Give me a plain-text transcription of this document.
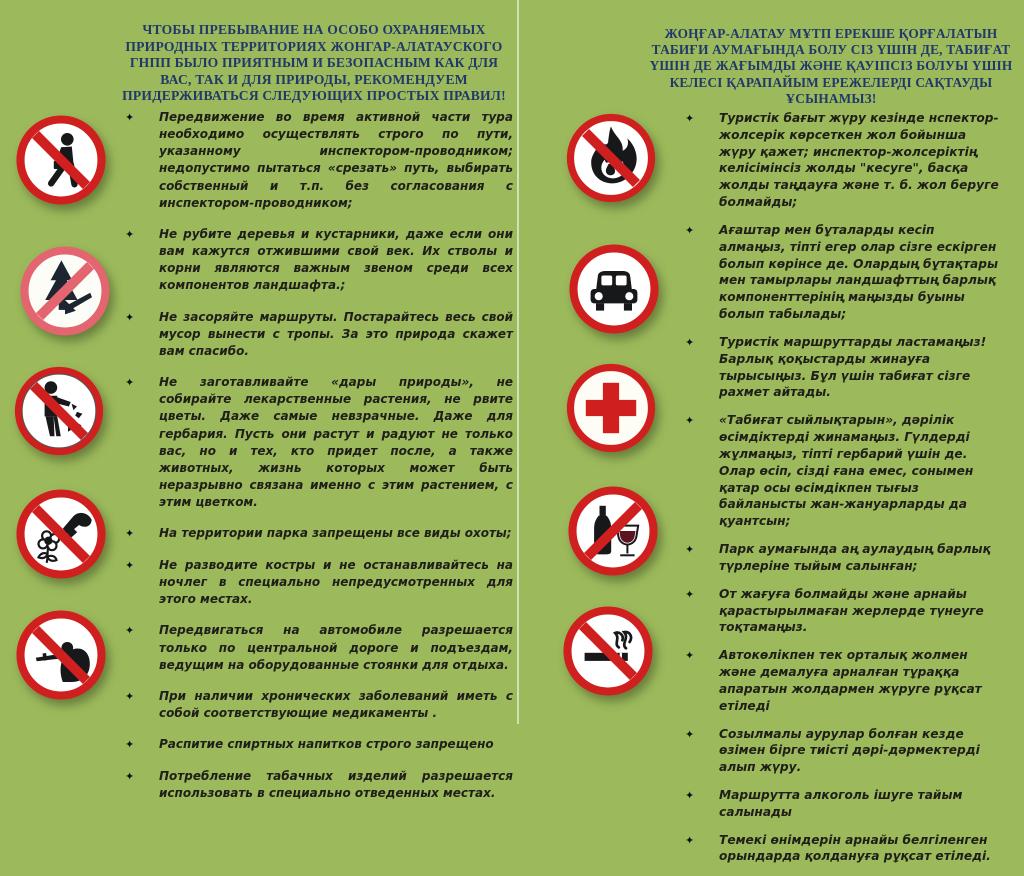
ЧТОБЫ ПРЕБЫВАНИЕ НА ОСОБО ОХРАНЯЕМЫХ ПРИРОДНЫХ ТЕРРИТОРИЯХ ЖОНГАР-АЛАТАУСКОГО ГНПП БЫЛО ПРИЯТНЫМ И БЕЗОПАСНЫМ КАК ДЛЯ ВАС, ТАК И ДЛЯ ПРИРОДЫ, РЕКОМЕНДУЕМ ПРИДЕРЖИВАТЬСЯ СЛЕДУЮЩИХ ПРОСТЫХ ПРАВИЛ!
✦	Передвижение во время активной части тура необходимо осуществлять строго по пути, указанному инспектором-проводником; недопустимо пытаться «срезать» путь, выбирать собственный и т.п. без согласования с инспектором-проводником;
✦	Не рубите деревья и кустарники, даже если они вам кажутся отжившими свой век. Их стволы и корни являются важным звеном среди всех компонентов ландшафта.;
✦	Не засоряйте маршруты. Постарайтесь весь свой мусор вынести с тропы. За это природа скажет вам спасибо.
✦	Не заготавливайте «дары природы», не собирайте лекарственные растения, не рвите цветы. Даже самые невзрачные. Даже для гербария. Пусть они растут и радуют не только вас, но и тех, кто придет после, а также животных, жизнь которых может быть неразрывно связана именно с этим растением, с этим цветком.
✦	На территории парка запрещены все виды охоты;
✦	Не разводите костры и не останавливайтесь на ночлег в специально непредусмотренных для этого местах.
✦	Передвигаться на автомобиле разрешается только по центральной дороге и подъездам, ведущим на оборудованные стоянки для отдыха.
✦	При наличии хронических заболеваний иметь с собой соответствующие медикаменты .
✦	Распитие спиртных напитков строго запрещено
✦	Потребление табачных изделий разрешается использовать в специально отведенных местах.
ЖОҢҒАР-АЛАТАУ МҰТП ЕРЕКШЕ ҚОРҒАЛАТЫН ТАБИҒИ АУМАҒЫНДА БОЛУ СІЗ ҮШІН ДЕ, ТАБИҒАТ ҮШІН ДЕ ЖАҒЫМДЫ ЖӘНЕ ҚАУІПСІЗ БОЛУЫ ҮШІН КЕЛЕСІ ҚАРАПАЙЫМ ЕРЕЖЕЛЕРДІ САҚТАУДЫ ҰСЫНАМЫЗ!
✦	Туристік бағыт жүру кезінде нспектор-жолсерік көрсеткен жол бойынша жүру қажет; инспектор-жолсеріктің келісімінсіз жолды "кесуге", басқа жолды таңдауға және т. б. жол беруге болмайды;
✦	Ағаштар мен бұталарды кесіп алмаңыз, тіпті егер олар сізге ескірген болып көрінсе де. Олардың бұтақтары мен тамырлары ландшафттың барлық компоненттерінің маңызды буыны болып табылады;
✦	Туристік маршруттарды ластамаңыз! Барлық қоқыстарды жинауға тырысыңыз. Бұл үшін табиғат сізге рахмет айтады.
✦	«Табиғат сыйлықтарын», дәрілік өсімдіктерді жинамаңыз. Гүлдерді жұлмаңыз, тіпті гербарий үшін де. Олар өсіп, сізді ғана емес, сонымен қатар осы өсімдікпен тығыз байланысты жан-жануарларды да қуантсын;
✦	Парк аумағында аң аулаудың барлық түрлеріне тыйым салынған;
✦	От жағуға болмайды және арнайы қарастырылмаған жерлерде түнеуге тоқтамаңыз.
✦	Автокөлікпен тек орталық жолмен және демалуға арналған тұраққа апаратын жолдармен жүруге рұқсат етіледі
✦	Созылмалы аурулар болған кезде өзімен бірге тиісті дәрі-дәрмектерді алып жүру.
✦	Маршрутта алкоголь ішуге тайым салынады
✦	Темекі өнімдерін арнайы белгіленген орындарда қолдануға рұқсат етіледі.
